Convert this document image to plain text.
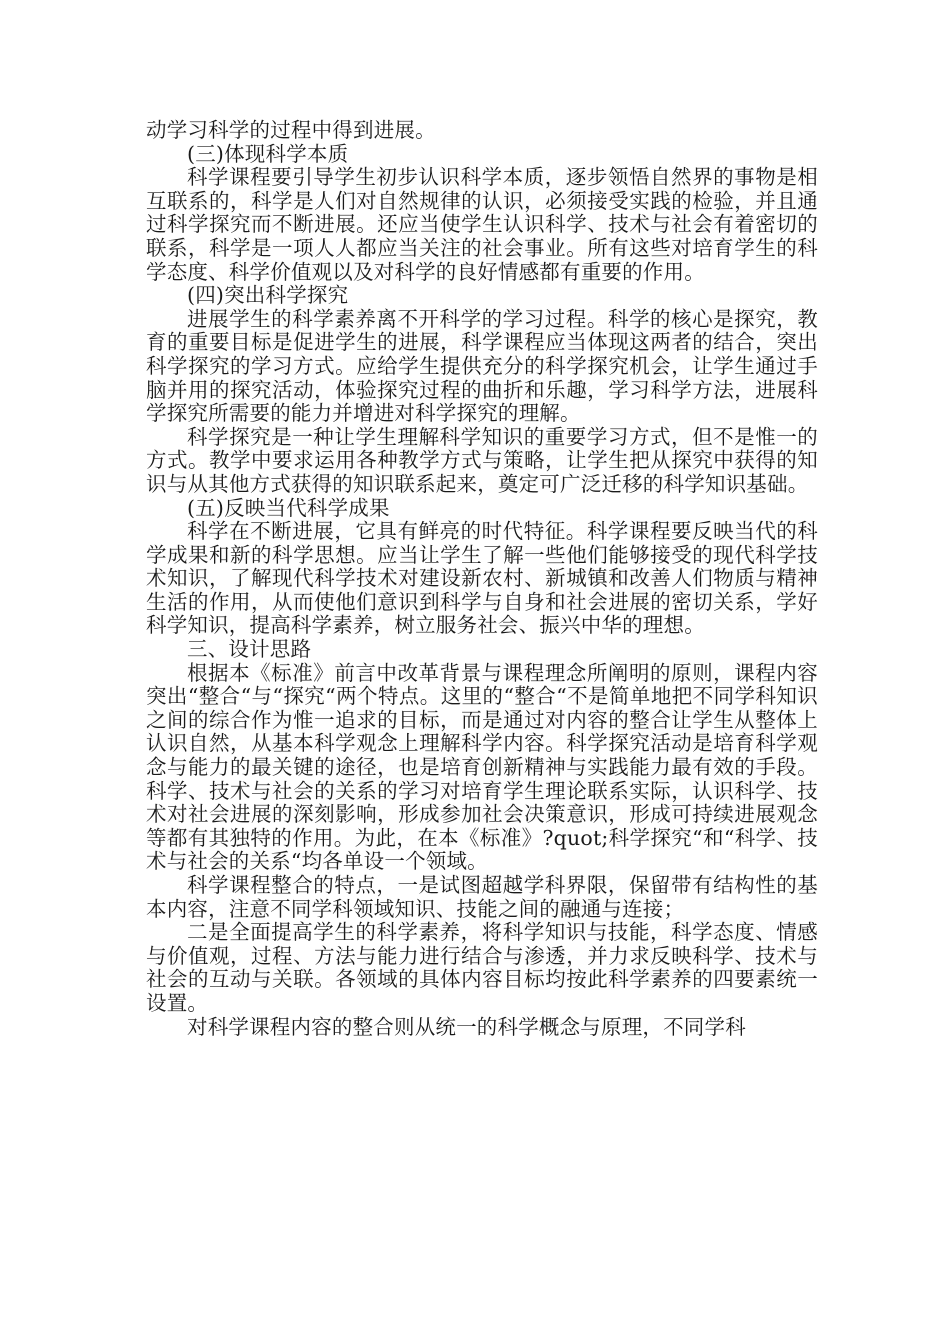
动学习科学的过程中得到进展。

(三)体现科学本质

科学课程要引导学生初步认识科学本质，逐步领悟自然界的事物是相互联系的，科学是人们对自然规律的认识，必须接受实践的检验，并且通过科学探究而不断进展。还应当使学生认识科学、技术与社会有着密切的联系，科学是一项人人都应当关注的社会事业。所有这些对培育学生的科学态度、科学价值观以及对科学的良好情感都有重要的作用。

(四)突出科学探究

进展学生的科学素养离不开科学的学习过程。科学的核心是探究，教育的重要目标是促进学生的进展，科学课程应当体现这两者的结合，突出科学探究的学习方式。应给学生提供充分的科学探究机会，让学生通过手脑并用的探究活动，体验探究过程的曲折和乐趣，学习科学方法，进展科学探究所需要的能力并增进对科学探究的理解。

科学探究是一种让学生理解科学知识的重要学习方式，但不是惟一的方式。教学中要求运用各种教学方式与策略，让学生把从探究中获得的知识与从其他方式获得的知识联系起来，奠定可广泛迁移的科学知识基础。

(五)反映当代科学成果

科学在不断进展，它具有鲜亮的时代特征。科学课程要反映当代的科学成果和新的科学思想。应当让学生了解一些他们能够接受的现代科学技术知识，了解现代科学技术对建设新农村、新城镇和改善人们物质与精神生活的作用，从而使他们意识到科学与自身和社会进展的密切关系，学好科学知识，提高科学素养，树立服务社会、振兴中华的理想。

三、设计思路

根据本《标准》前言中改革背景与课程理念所阐明的原则，课程内容突出“整合“与“探究“两个特点。这里的“整合“不是简单地把不同学科知识之间的综合作为惟一追求的目标，而是通过对内容的整合让学生从整体上认识自然，从基本科学观念上理解科学内容。科学探究活动是培育科学观念与能力的最关键的途径，也是培育创新精神与实践能力最有效的手段。科学、技术与社会的关系的学习对培育学生理论联系实际，认识科学、技术对社会进展的深刻影响，形成参加社会决策意识，形成可持续进展观念等都有其独特的作用。为此，在本《标准》?quot;科学探究“和“科学、技术与社会的关系“均各单设一个领域。

科学课程整合的特点，一是试图超越学科界限，保留带有结构性的基本内容，注意不同学科领域知识、技能之间的融通与连接；

二是全面提高学生的科学素养，将科学知识与技能，科学态度、情感与价值观，过程、方法与能力进行结合与渗透，并力求反映科学、技术与社会的互动与关联。各领域的具体内容目标均按此科学素养的四要素统一设置。

对科学课程内容的整合则从统一的科学概念与原理，不同学科
